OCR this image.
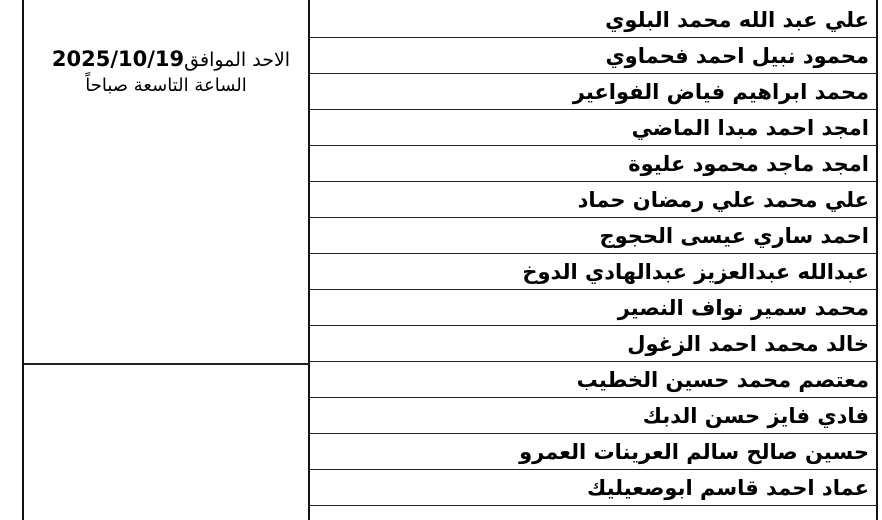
الاحد الموافق2025/10/19
الساعة التاسعة صباحاً
علي عبد الله محمد البلوي
محمود نبيل احمد فحماوي
محمد ابراهيم فياض الفواعير
امجد احمد مبدا الماضي
امجد ماجد محمود عليوة
علي محمد علي رمضان حماد
احمد ساري عيسى الحجوج
عبدالله عبدالعزيز عبدالهادي الدوخ
محمد سمير نواف النصير
خالد محمد احمد الزغول
معتصم محمد حسين الخطيب
فادي فايز حسن الدبك
حسين صالح سالم العرينات العمرو
عماد احمد قاسم ابوصعيليك
